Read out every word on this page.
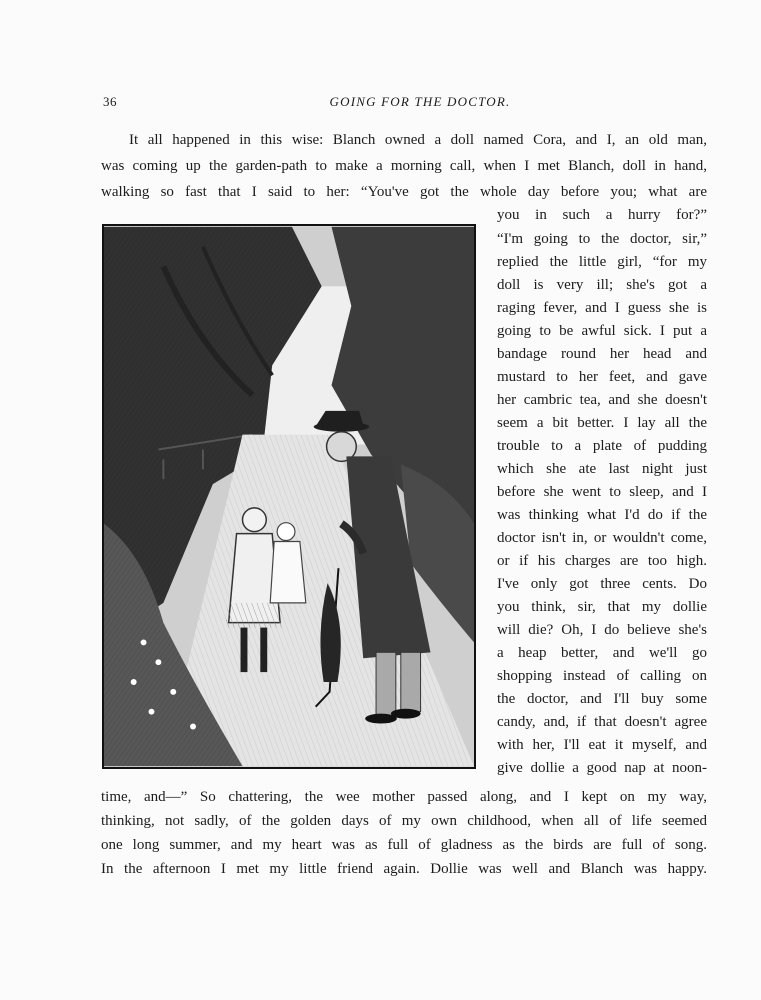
36	GOING FOR THE DOCTOR.
It all happened in this wise: Blanch owned a doll named Cora, and I, an old man,
was coming up the garden-path to make a morning call, when I met Blanch, doll in hand,
walking so fast that I said to her: “You've got the whole day before you; what are
you in such a hurry for?”
“I'm going to the doctor, sir,”
replied the little girl, “for my
doll is very ill; she's got a
raging fever, and I guess she is
going to be awful sick. I put a
bandage round her head and
mustard to her feet, and gave
her cambric tea, and she doesn't
seem a bit better. I lay all the
trouble to a plate of pudding
which she ate last night just
before she went to sleep, and I
was thinking what I'd do if the
doctor isn't in, or wouldn't come,
or if his charges are too high.
I've only got three cents. Do
you think, sir, that my dollie
will die? Oh, I do believe she's
a heap better, and we'll go
shopping instead of calling on
the doctor, and I'll buy some
candy, and, if that doesn't agree
with her, I'll eat it myself, and
give dollie a good nap at noon-
time, and—” So chattering, the wee mother passed along, and I kept on my way,
thinking, not sadly, of the golden days of my own childhood, when all of life seemed
one long summer, and my heart was as full of gladness as the birds are full of song.
In the afternoon I met my little friend again. Dollie was well and Blanch was happy.
